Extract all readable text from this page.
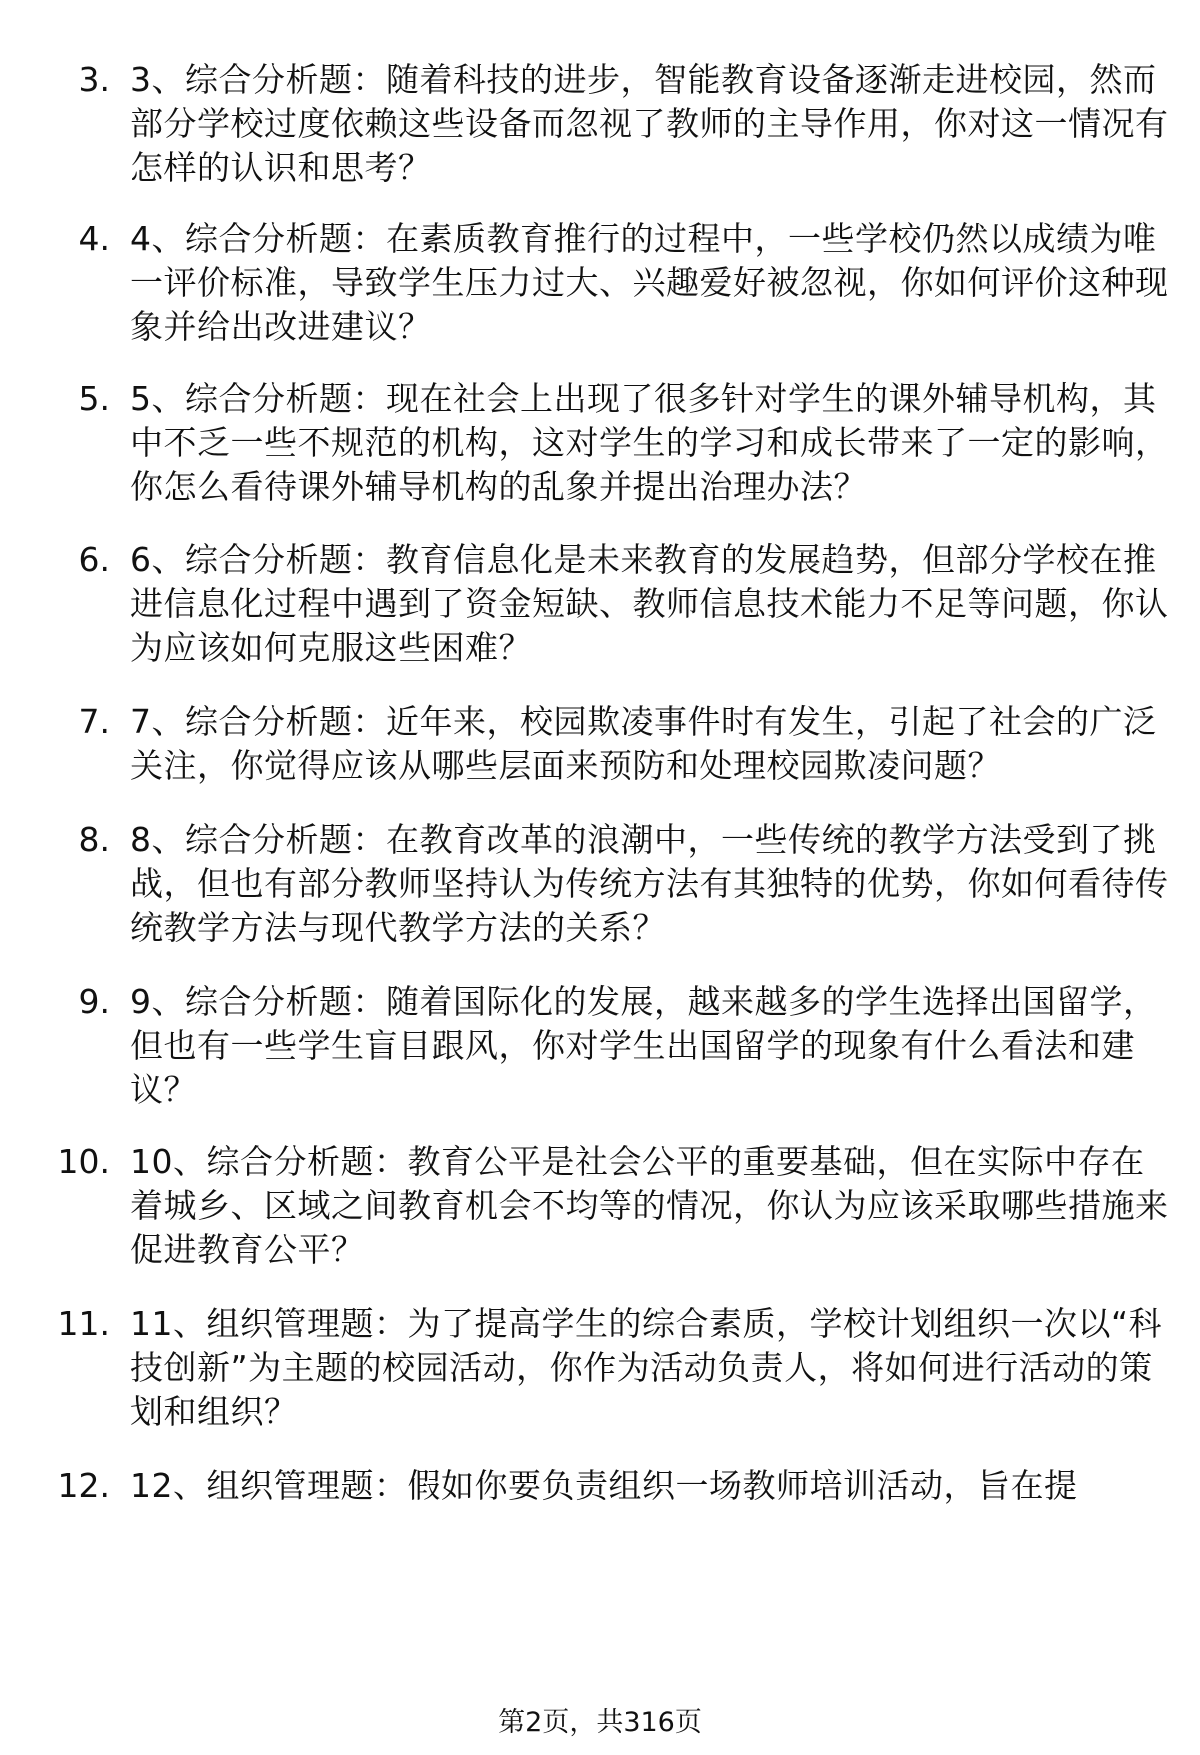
3. 3、综合分析题：随着科技的进步，智能教育设备逐渐走进校园，然而部分学校过度依赖这些设备而忽视了教师的主导作用，你对这一情况有怎样的认识和思考？
4. 4、综合分析题：在素质教育推行的过程中，一些学校仍然以成绩为唯一评价标准，导致学生压力过大、兴趣爱好被忽视，你如何评价这种现象并给出改进建议？
5. 5、综合分析题：现在社会上出现了很多针对学生的课外辅导机构，其中不乏一些不规范的机构，这对学生的学习和成长带来了一定的影响，你怎么看待课外辅导机构的乱象并提出治理办法？
6. 6、综合分析题：教育信息化是未来教育的发展趋势，但部分学校在推进信息化过程中遇到了资金短缺、教师信息技术能力不足等问题，你认为应该如何克服这些困难？
7. 7、综合分析题：近年来，校园欺凌事件时有发生，引起了社会的广泛关注，你觉得应该从哪些层面来预防和处理校园欺凌问题？
8. 8、综合分析题：在教育改革的浪潮中，一些传统的教学方法受到了挑战，但也有部分教师坚持认为传统方法有其独特的优势，你如何看待传统教学方法与现代教学方法的关系？
9. 9、综合分析题：随着国际化的发展，越来越多的学生选择出国留学，但也有一些学生盲目跟风，你对学生出国留学的现象有什么看法和建议？
10. 10、综合分析题：教育公平是社会公平的重要基础，但在实际中存在着城乡、区域之间教育机会不均等的情况，你认为应该采取哪些措施来促进教育公平？
11. 11、组织管理题：为了提高学生的综合素质，学校计划组织一次以“科技创新”为主题的校园活动，你作为活动负责人，将如何进行活动的策划和组织？
12. 12、组织管理题：假如你要负责组织一场教师培训活动，旨在提
第2页，共316页
